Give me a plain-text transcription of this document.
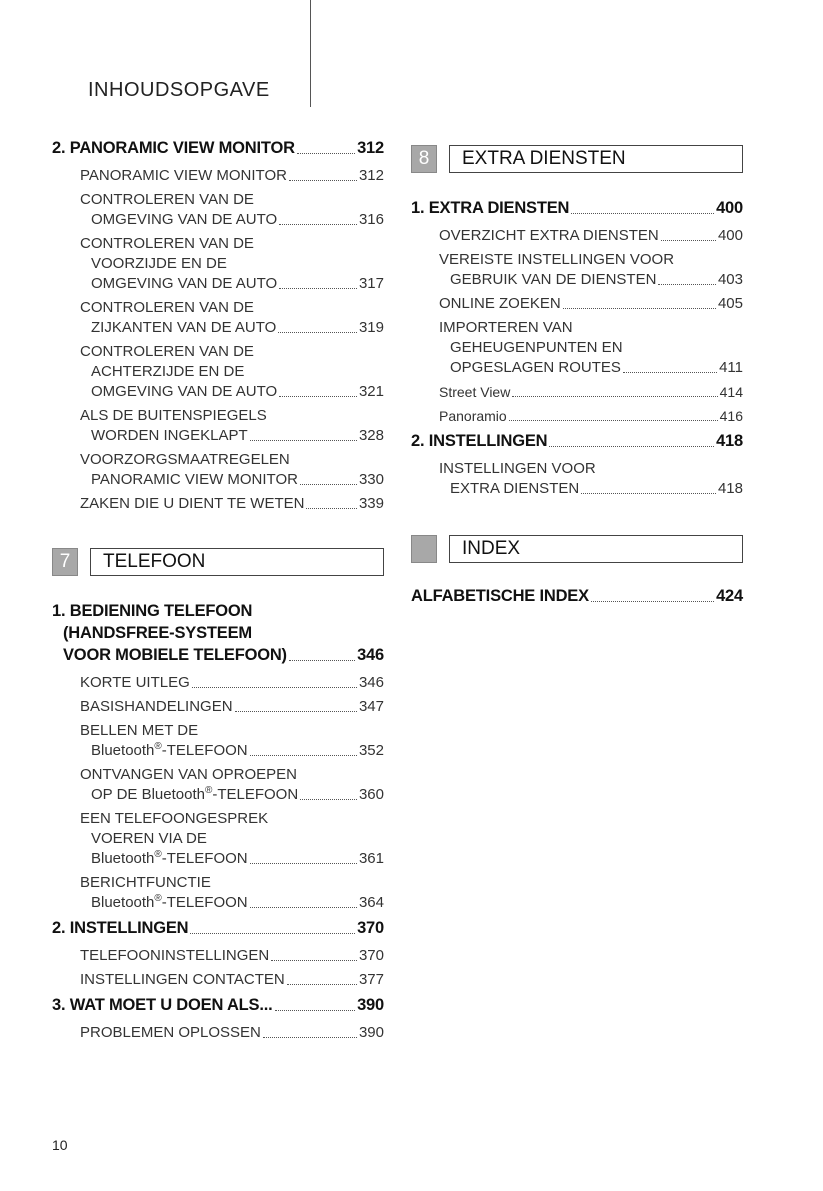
INHOUDSOPGAVE
2. PANORAMIC VIEW MONITOR	312
PANORAMIC VIEW MONITOR	312
CONTROLEREN VAN DE
OMGEVING VAN DE AUTO	316
CONTROLEREN VAN DE
VOORZIJDE EN DE
OMGEVING VAN DE AUTO	317
CONTROLEREN VAN DE
ZIJKANTEN VAN DE AUTO	319
CONTROLEREN VAN DE
ACHTERZIJDE EN DE
OMGEVING VAN DE AUTO	321
ALS DE BUITENSPIEGELS
WORDEN INGEKLAPT	328
VOORZORGSMAATREGELEN
PANORAMIC VIEW MONITOR	330
ZAKEN DIE U DIENT TE WETEN	339
7	TELEFOON
1. BEDIENING TELEFOON
(HANDSFREE-SYSTEEM
VOOR MOBIELE TELEFOON)	346
KORTE UITLEG	346
BASISHANDELINGEN	347
BELLEN MET DE
Bluetooth®-TELEFOON	352
ONTVANGEN VAN OPROEPEN
OP DE Bluetooth®-TELEFOON	360
EEN TELEFOONGESPREK
VOEREN VIA DE
Bluetooth®-TELEFOON	361
BERICHTFUNCTIE
Bluetooth®-TELEFOON	364
2. INSTELLINGEN	370
TELEFOONINSTELLINGEN	370
INSTELLINGEN CONTACTEN	377
3. WAT MOET U DOEN ALS...	390
PROBLEMEN OPLOSSEN	390
8	EXTRA DIENSTEN
1. EXTRA DIENSTEN	400
OVERZICHT EXTRA DIENSTEN	400
VEREISTE INSTELLINGEN VOOR
GEBRUIK VAN DE DIENSTEN	403
ONLINE ZOEKEN	405
IMPORTEREN VAN
GEHEUGENPUNTEN EN
OPGESLAGEN ROUTES	411
Street View	414
Panoramio	416
2. INSTELLINGEN	418
INSTELLINGEN VOOR
EXTRA DIENSTEN	418
INDEX
ALFABETISCHE INDEX	424
10
